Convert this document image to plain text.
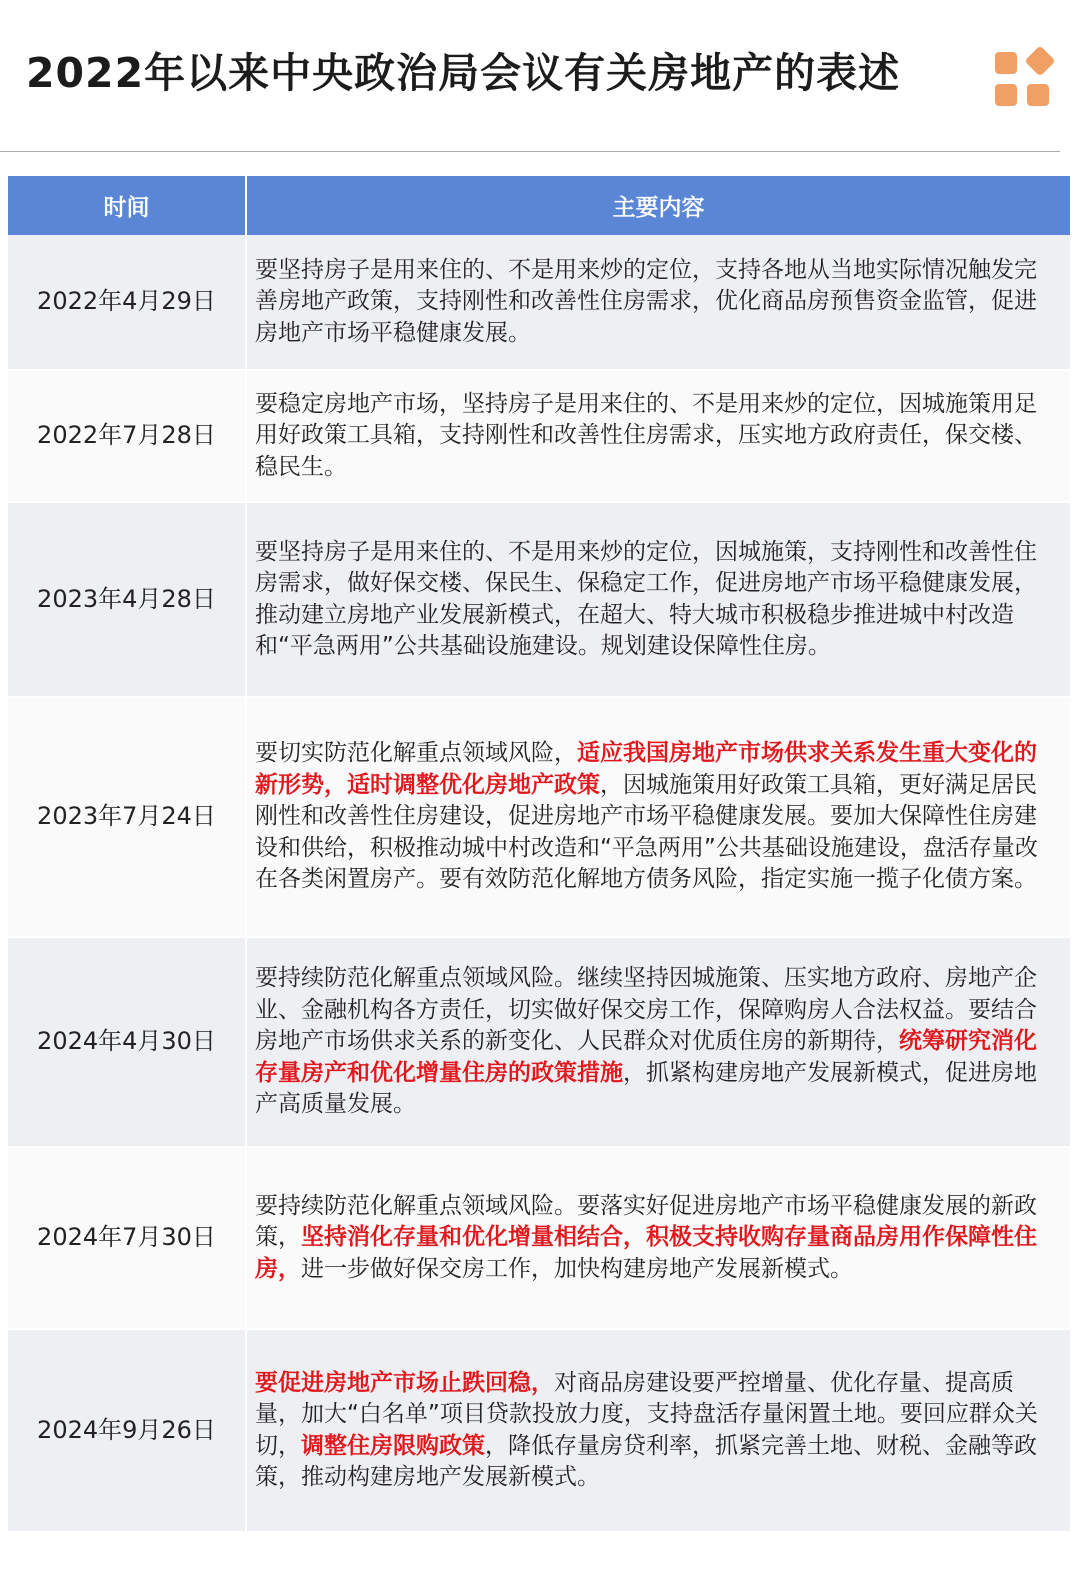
2022年以来中央政治局会议有关房地产的表述
时间	主要内容
2022年4月29日	要坚持房子是用来住的、不是用来炒的定位，支持各地从当地实际情况触发完善房地产政策，支持刚性和改善性住房需求，优化商品房预售资金监管，促进房地产市场平稳健康发展。
2022年7月28日	要稳定房地产市场，坚持房子是用来住的、不是用来炒的定位，因城施策用足用好政策工具箱，支持刚性和改善性住房需求，压实地方政府责任，保交楼、稳民生。
2023年4月28日	要坚持房子是用来住的、不是用来炒的定位，因城施策，支持刚性和改善性住房需求，做好保交楼、保民生、保稳定工作，促进房地产市场平稳健康发展，推动建立房地产业发展新模式，在超大、特大城市积极稳步推进城中村改造和“平急两用”公共基础设施建设。规划建设保障性住房。
2023年7月24日	要切实防范化解重点领域风险，适应我国房地产市场供求关系发生重大变化的新形势，适时调整优化房地产政策，因城施策用好政策工具箱，更好满足居民刚性和改善性住房建设，促进房地产市场平稳健康发展。要加大保障性住房建设和供给，积极推动城中村改造和“平急两用”公共基础设施建设，盘活存量改在各类闲置房产。要有效防范化解地方债务风险，指定实施一揽子化债方案。
2024年4月30日	要持续防范化解重点领域风险。继续坚持因城施策、压实地方政府、房地产企业、金融机构各方责任，切实做好保交房工作，保障购房人合法权益。要结合房地产市场供求关系的新变化、人民群众对优质住房的新期待，统筹研究消化存量房产和优化增量住房的政策措施，抓紧构建房地产发展新模式，促进房地产高质量发展。
2024年7月30日	要持续防范化解重点领域风险。要落实好促进房地产市场平稳健康发展的新政策，坚持消化存量和优化增量相结合，积极支持收购存量商品房用作保障性住房，进一步做好保交房工作，加快构建房地产发展新模式。
2024年9月26日	要促进房地产市场止跌回稳，对商品房建设要严控增量、优化存量、提高质量，加大“白名单”项目贷款投放力度，支持盘活存量闲置土地。要回应群众关切，调整住房限购政策，降低存量房贷利率，抓紧完善土地、财税、金融等政策，推动构建房地产发展新模式。
